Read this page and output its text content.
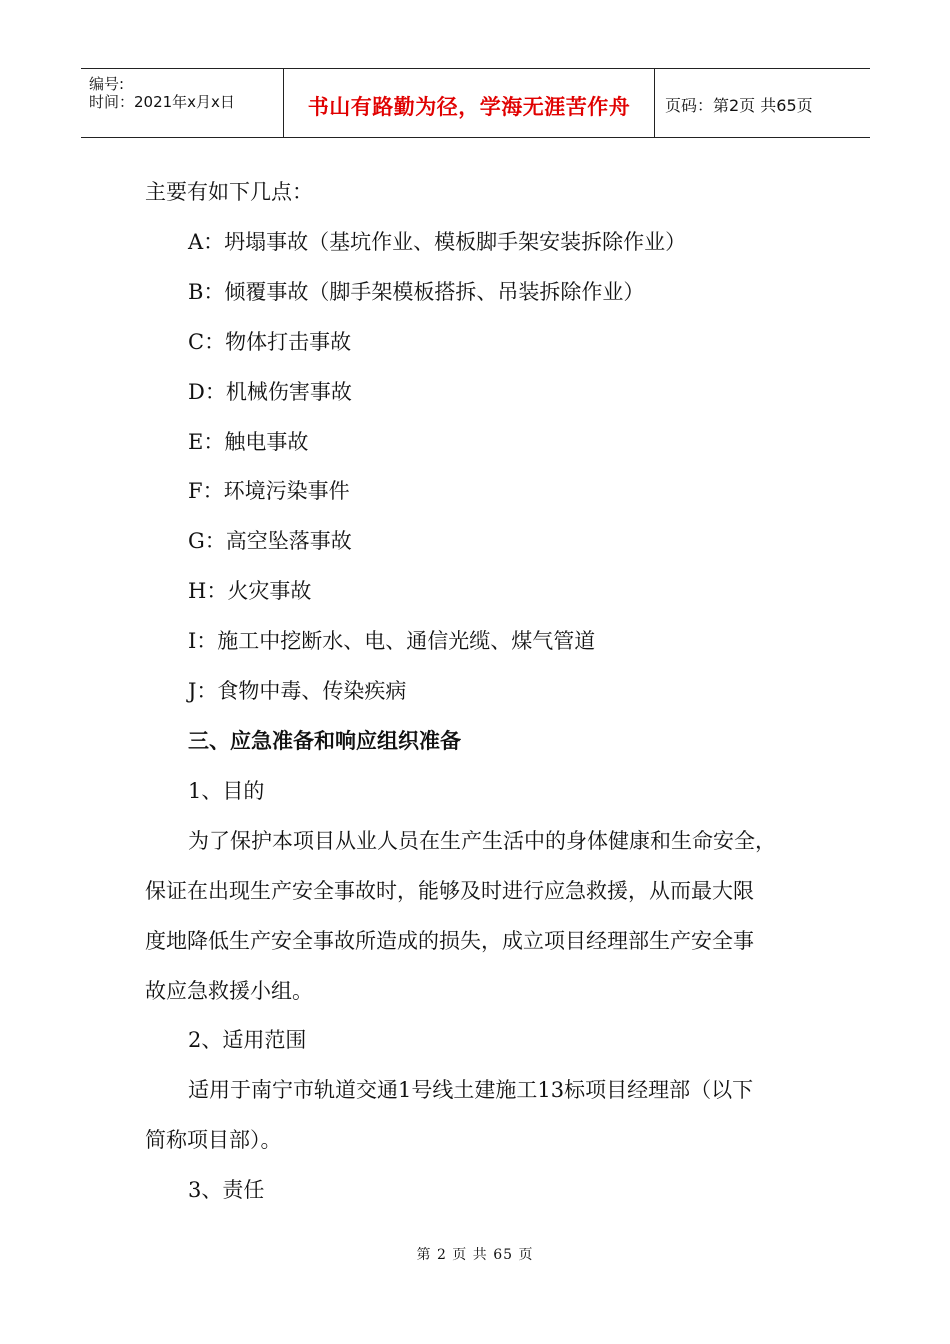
编号:
时间：2021年x月x日	书山有路勤为径，学海无涯苦作舟	页码：第2页 共65页
主要有如下几点：
A：坍塌事故（基坑作业、模板脚手架安装拆除作业）
B：倾覆事故（脚手架模板搭拆、吊装拆除作业）
C：物体打击事故
D：机械伤害事故
E：触电事故
F：环境污染事件
G：高空坠落事故
H：火灾事故
I：施工中挖断水、电、通信光缆、煤气管道
J：食物中毒、传染疾病
三、应急准备和响应组织准备
1、目的
为了保护本项目从业人员在生产生活中的身体健康和生命安全，
保证在出现生产安全事故时，能够及时进行应急救援，从而最大限
度地降低生产安全事故所造成的损失，成立项目经理部生产安全事
故应急救援小组。
2、适用范围
适用于南宁市轨道交通1号线土建施工13标项目经理部（以下
简称项目部）。
3、责任
第 2 页 共 65 页
